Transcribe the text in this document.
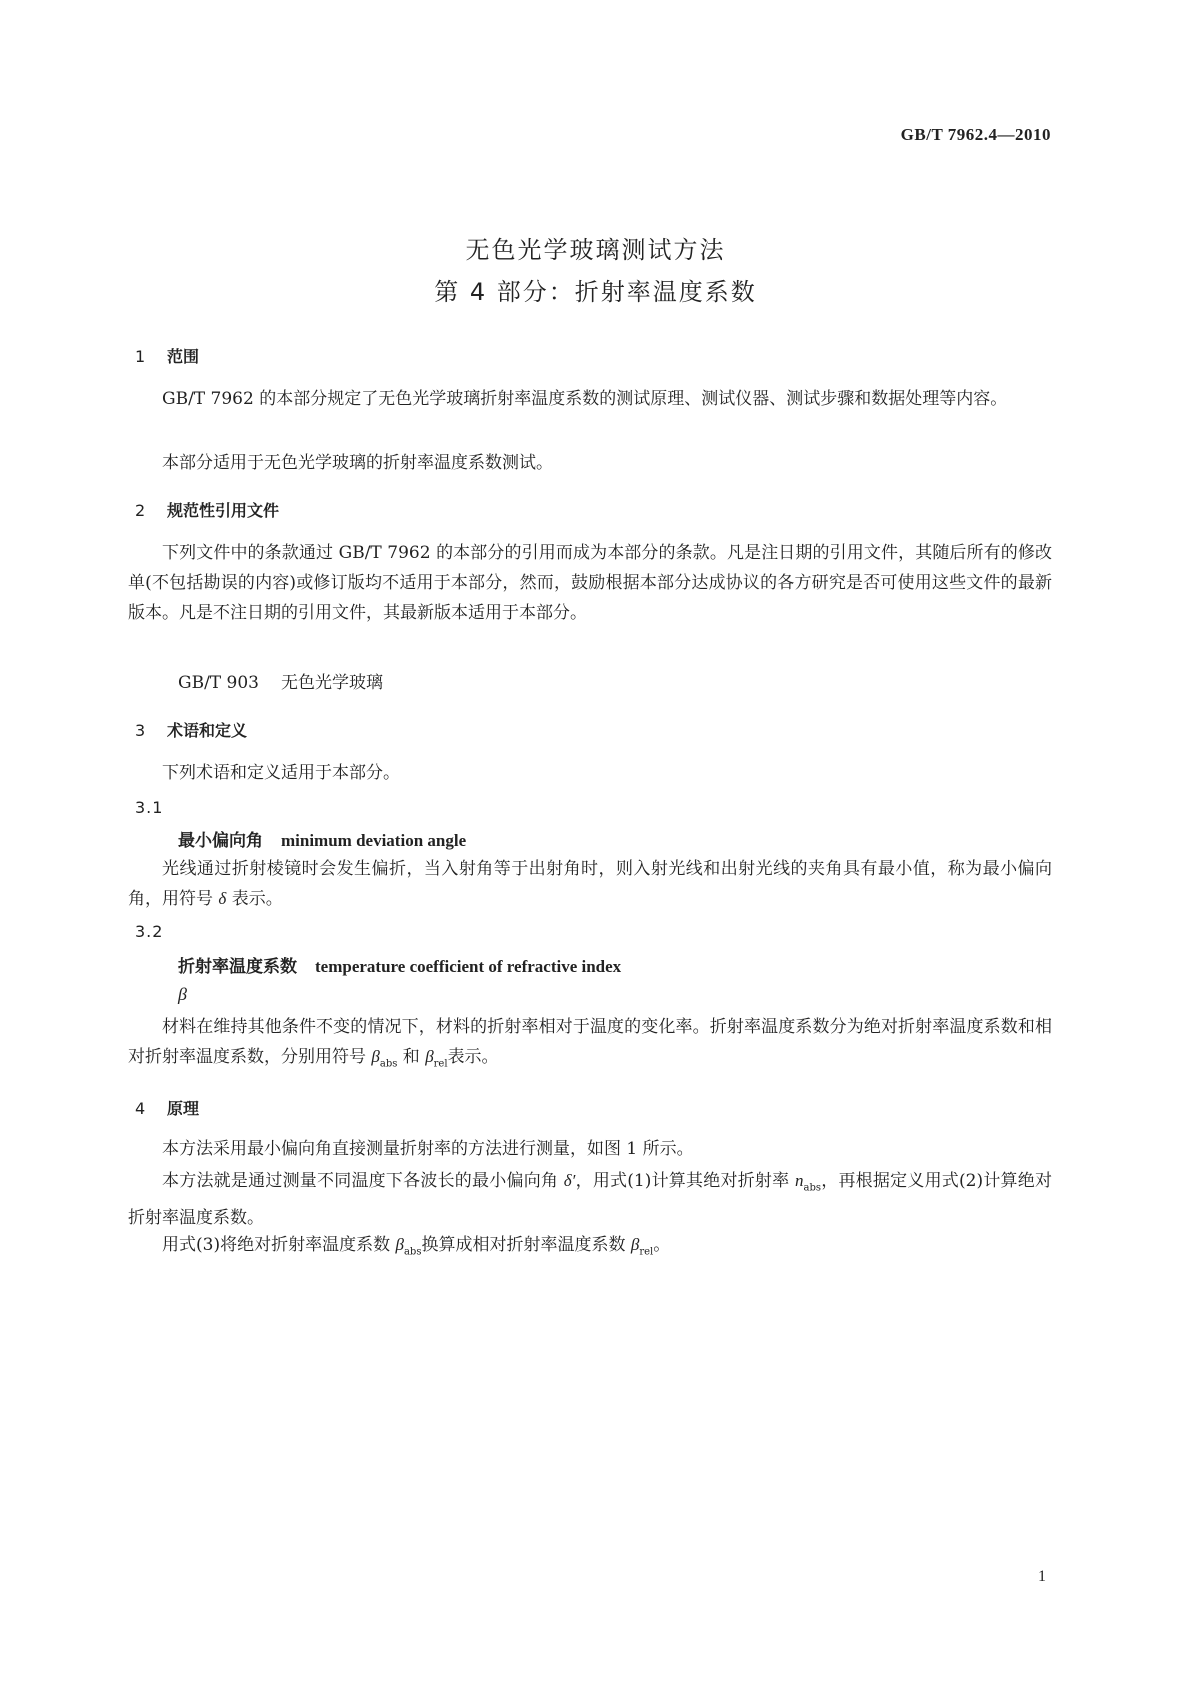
GB/T 7962.4—2010
无色光学玻璃测试方法
第 4 部分：折射率温度系数
1 范围
GB/T 7962 的本部分规定了无色光学玻璃折射率温度系数的测试原理、测试仪器、测试步骤和数据处理等内容。
本部分适用于无色光学玻璃的折射率温度系数测试。
2 规范性引用文件
下列文件中的条款通过 GB/T 7962 的本部分的引用而成为本部分的条款。凡是注日期的引用文件，其随后所有的修改单(不包括勘误的内容)或修订版均不适用于本部分，然而，鼓励根据本部分达成协议的各方研究是否可使用这些文件的最新版本。凡是不注日期的引用文件，其最新版本适用于本部分。
GB/T 903 无色光学玻璃
3 术语和定义
下列术语和定义适用于本部分。
3.1
最小偏向角 minimum deviation angle
光线通过折射棱镜时会发生偏折，当入射角等于出射角时，则入射光线和出射光线的夹角具有最小值，称为最小偏向角，用符号 δ 表示。
3.2
折射率温度系数 temperature coefficient of refractive index
β
材料在维持其他条件不变的情况下，材料的折射率相对于温度的变化率。折射率温度系数分为绝对折射率温度系数和相对折射率温度系数，分别用符号 $\beta_{abs}$ 和 $\beta_{rel}$表示。
4 原理
本方法采用最小偏向角直接测量折射率的方法进行测量，如图 1 所示。
本方法就是通过测量不同温度下各波长的最小偏向角 δ′，用式(1)计算其绝对折射率 $n_{abs}$，再根据定义用式(2)计算绝对折射率温度系数。
用式(3)将绝对折射率温度系数 $\beta_{abs}$换算成相对折射率温度系数 $\beta_{rel}$。
1
